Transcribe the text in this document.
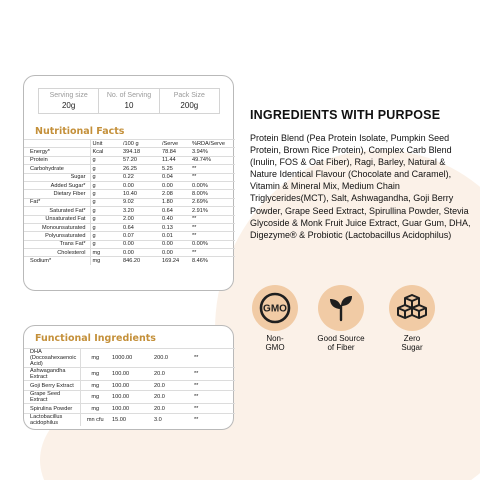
Serving size
20g
No. of Serving
10
Pack Size
200g
Nutritional Facts
	Unit	/100 g	/Serve	%RDA/Serve
Energy*	Kcal	394.18	78.84	3.94%
Protein	g	57.20	11.44	49.74%
Carbohydrate	g	26.25	5.25	**
Sugar	g	0.22	0.04	**
Added Sugar*	g	0.00	0.00	0.00%
Dietary Fiber	g	10.40	2.08	8.00%
Fat*	g	9.02	1.80	2.69%
Saturated Fat*	g	3.20	0.64	2.91%
Unsaturated Fat	g	2.00	0.40	**
Monounsaturated	g	0.64	0.13	**
Polyunsaturated	g	0.07	0.01	**
Trans Fat*	g	0.00	0.00	0.00%
Cholesterol	mg	0.00	0.00	**
Sodium*	mg	846.20	169.24	8.46%
Functional Ingredients
DHA (Docosahexaenoic Acid)	mg	1000.00	200.0	**
Ashwagandha Extract	mg	100.00	20.0	**
Goji Berry Extract	mg	100.00	20.0	**
Grape Seed Extract	mg	100.00	20.0	**
Spirulina Powder	mg	100.00	20.0	**
Lactobacillus acidophilus	mn cfu	15.00	3.0	**
INGREDIENTS WITH PURPOSE
Protein Blend (Pea Protein Isolate, Pumpkin Seed Protein, Brown Rice Protein), Complex Carb Blend (Inulin, FOS & Oat Fiber), Ragi, Barley, Natural & Nature Identical Flavour (Chocolate and Caramel), Vitamin & Mineral Mix, Medium Chain Triglycerides(MCT), Salt, Ashwagandha, Goji Berry Powder, Grape Seed Extract, Spirullina Powder, Stevia Glycoside & Monk Fruit Juice Extract, Guar Gum, DHA, Digezyme® & Probiotic (Lactobacillus Acidophilus)
GMO
Non-
GMO
Good Source
of Fiber
Zero
Sugar
